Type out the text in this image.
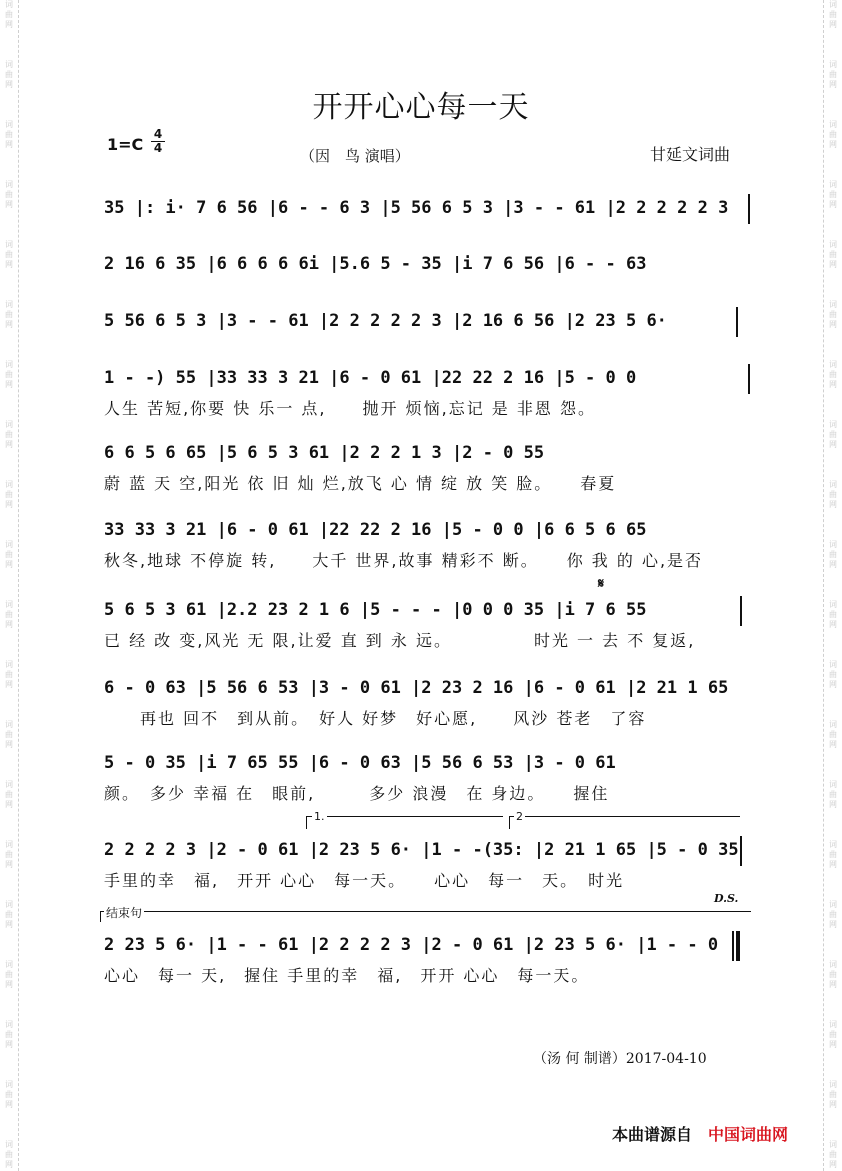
词曲网
词曲网
词曲网
词曲网
词曲网
词曲网
词曲网
词曲网
词曲网
词曲网
词曲网
词曲网
词曲网
词曲网
词曲网
词曲网
词曲网
词曲网
词曲网
词曲网
词曲网
词曲网
词曲网
词曲网
词曲网
词曲网
词曲网
词曲网
词曲网
词曲网
词曲网
词曲网
词曲网
词曲网
词曲网
词曲网
词曲网
词曲网
词曲网
词曲网
开开心心每一天
$1=C \frac{4}{4}$
（因　鸟 演唱）	甘延文词曲
35 |: i· 7 6 56 |6 - - 6 3 |5 56 6 5 3 |3 - - 61 |2 2 2 2 2 3
2 16 6 35 |6 6 6 6 6i |5.6 5 - 35 |i 7 6 56 |6 - - 63
5 56 6 5 3 |3 - - 61 |2 2 2 2 2 3 |2 16 6 56 |2 23 5 6·
1 - -) 55 |33 33 3 21 |6 - 0 61 |22 22 2 16 |5 - 0 0
人生 苦短,你要 快 乐一 点,　　抛开 烦恼,忘记 是 非恩 怨。
6 6 5 6 65 |5 6 5 3 61 |2 2 2 1 3 |2 - 0 55
蔚 蓝 天 空,阳光 依 旧 灿 烂,放飞 心 情 绽 放 笑 脸。　　春夏
33 33 3 21 |6 - 0 61 |22 22 2 16 |5 - 0 0 |6 6 5 6 65
秋冬,地球 不停旋 转,　　大千 世界,故事 精彩不 断。　　你 我 的 心,是否
𝄋
5 6 5 3 61 |2.2 23 2 1 6 |5 - - - |0 0 0 35 |i 7 6 55
已 经 改 变,风光 无 限,让爱 直 到 永 远。　　　　　时光 一 去 不 复返,
6 - 0 63 |5 56 6 53 |3 - 0 61 |2 23 2 16 |6 - 0 61 |2 21 1 65
　　再也 回不　到从前。　好人 好梦　好心愿,　　风沙 苍老　了容
5 - 0 35 |i 7 65 55 |6 - 0 63 |5 56 6 53 |3 - 0 61
颜。　多少 幸福 在　眼前,　　　多少 浪漫　在 身边。　　握住
1.	2
2 2 2 2 3 |2 - 0 61 |2 23 5 6· |1 - -(35: |2 21 1 65 |5 - 0 35
手里的幸　福,　开开 心心　每一天。　　心心　每一　天。　时光
D.S.
结束句
2 23 5 6· |1 - - 61 |2 2 2 2 3 |2 - 0 61 |2 23 5 6· |1 - - 0
心心　每一 天,　握住 手里的幸　福,　开开 心心　每一天。
（汤 何 制谱）2017-04-10
本曲谱源自 中国词曲网
